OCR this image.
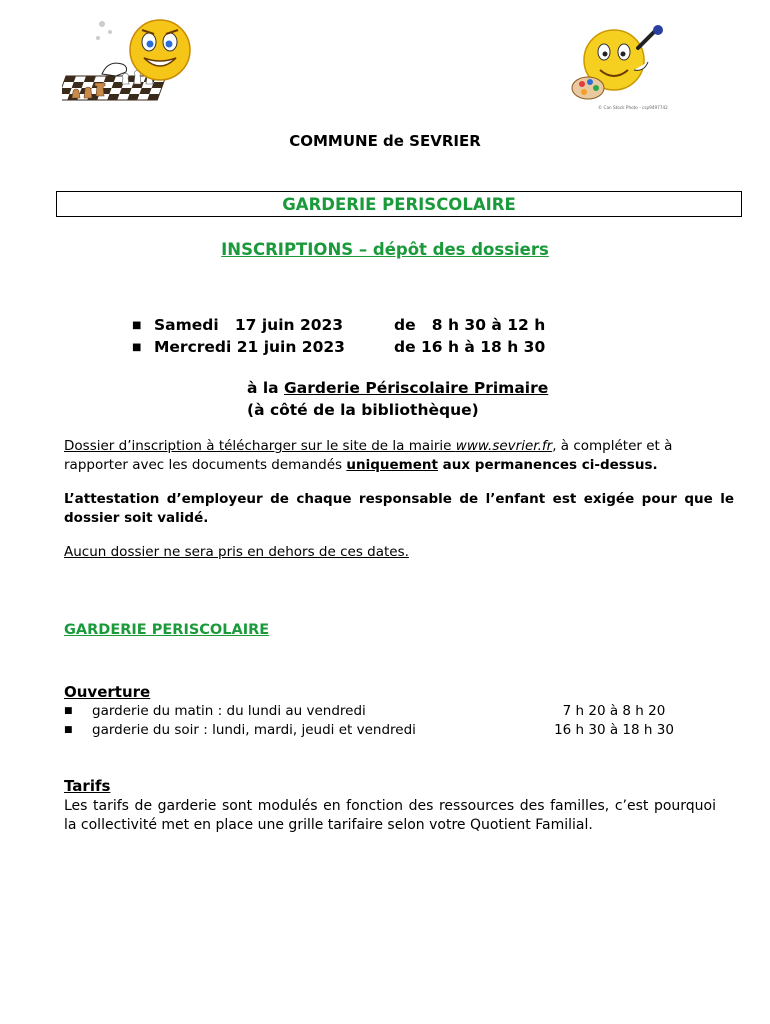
© Can Stock Photo - csp9497742
COMMUNE de SEVRIER
GARDERIE PERISCOLAIRE
INSCRIPTIONS – dépôt des dossiers
■ Samedi   17 juin 2023	de   8 h 30 à 12 h
■ Mercredi 21 juin 2023	de 16 h à 18 h 30
à la Garderie Périscolaire Primaire
(à côté de la bibliothèque)
Dossier d’inscription à télécharger sur le site de la mairie www.sevrier.fr, à compléter et à rapporter avec les documents demandés uniquement aux permanences ci-dessus.
L’attestation d’employeur de chaque responsable de l’enfant est exigée pour que le dossier soit validé.
Aucun dossier ne sera pris en dehors de ces dates.
GARDERIE PERISCOLAIRE
Ouverture
■ garderie du matin : du lundi au vendredi	7 h 20 à 8 h 20
■ garderie du soir : lundi, mardi, jeudi et vendredi	16 h 30 à 18 h 30
Tarifs
Les tarifs de garderie sont modulés en fonction des ressources des familles, c’est pourquoi la collectivité met en place une grille tarifaire selon votre Quotient Familial.
